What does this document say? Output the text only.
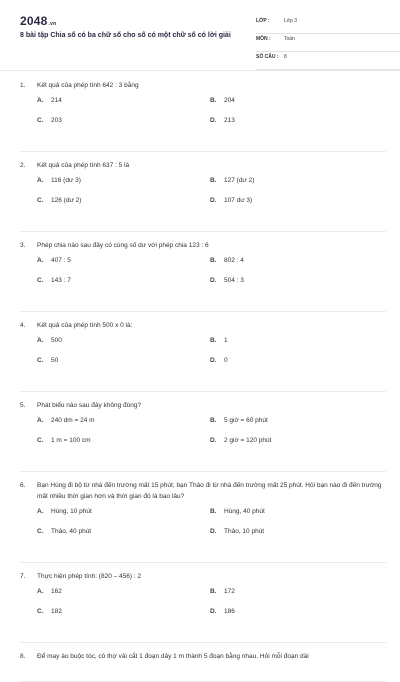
2048.vn
8 bài tập Chia số có ba chữ số cho số có một chữ số có lời giải
LỚP :	Lớp 3
MÔN :	Toán
SỐ CÂU : 8
1. Kết quả của phép tính 642 : 3 bằng
A. 214	B. 204
C. 203	D. 213
2. Kết quả của phép tính 637 : 5 là
A. 116 (dư 3)	B. 127 (dư 2)
C. 126 (dư 2)	D. 107 dư 3)
3. Phép chia nào sau đây có cùng số dư với phép chia 123 : 6
A. 407 : 5	B. 802 : 4
C. 143 : 7	D. 504 : 3
4. Kết quả của phép tính 500 x 0 là:
A. 500	B. 1
C. 50	D. 0
5. Phát biểu nào sau đây không đúng?
A. 240 dm = 24 m	B. 5 giờ = 60 phút
C. 1 m = 100 cm	D. 2 giờ = 120 phút
6. Bạn Hùng đi bộ từ nhà đến trường mất 15 phút; bạn Thảo đi từ nhà đến trường mất 25 phút. Hỏi bạn nào đi đến trường mất nhiều thời gian hơn và thời gian đó là bao lâu?
A. Hùng, 10 phút	B. Hùng, 40 phút
C. Thảo, 40 phút	D. Thảo, 10 phút
7. Thực hiện phép tính: (820 – 456) : 2
A. 162	B. 172
C. 182	D. 186
8. Để may áo buộc tóc, cô thợ vải cắt 1 đoạn dây 1 m thành 5 đoạn bằng nhau. Hỏi mỗi đoạn dài
